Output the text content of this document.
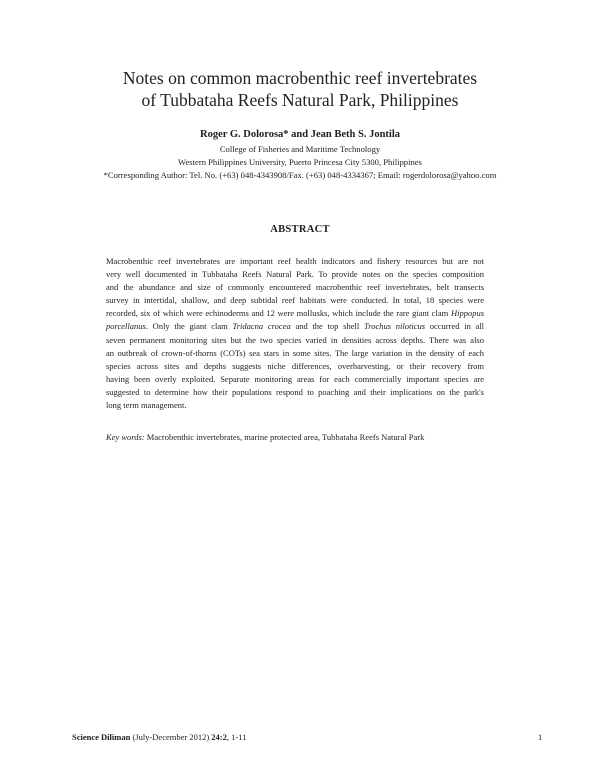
Notes on common macrobenthic reef invertebrates
of Tubbataha Reefs Natural Park, Philippines
Roger G. Dolorosa* and Jean Beth S. Jontila
College of Fisheries and Maritime Technology
Western Philippines University, Puerto Princesa City 5300, Philippines
*Corresponding Author: Tel. No. (+63) 048-4343908/Fax. (+63) 048-4334367; Email: rogerdolorosa@yahoo.com
ABSTRACT
Macrobenthic reef invertebrates are important reef health indicators and fishery resources but are not
very well documented in Tubbataha Reefs Natural Park. To provide notes on the species composition
and the abundance and size of commonly encountered macrobenthic reef invertebrates, belt transects
survey in intertidal, shallow, and deep subtidal reef habitats were conducted. In total, 18 species were
recorded, six of which were echinoderms and 12 were mollusks, which include the rare giant clam Hippopus
porcellanus. Only the giant clam Tridacna crocea and the top shell Trochus niloticus occurred in all
seven permanent monitoring sites but the two species varied in densities across depths. There was also
an outbreak of crown-of-thorns (COTs) sea stars in some sites. The large variation in the density of each
species across sites and depths suggests niche differences, overharvesting, or their recovery from
having been overly exploited. Separate monitoring areas for each commercially important species are
suggested to determine how their populations respond to poaching and their implications on the park's
long term management.
Key words: Macrobenthic invertebrates, marine protected area, Tubbataha Reefs Natural Park
Science Diliman (July-December 2012) 24:2, 1-11	1
